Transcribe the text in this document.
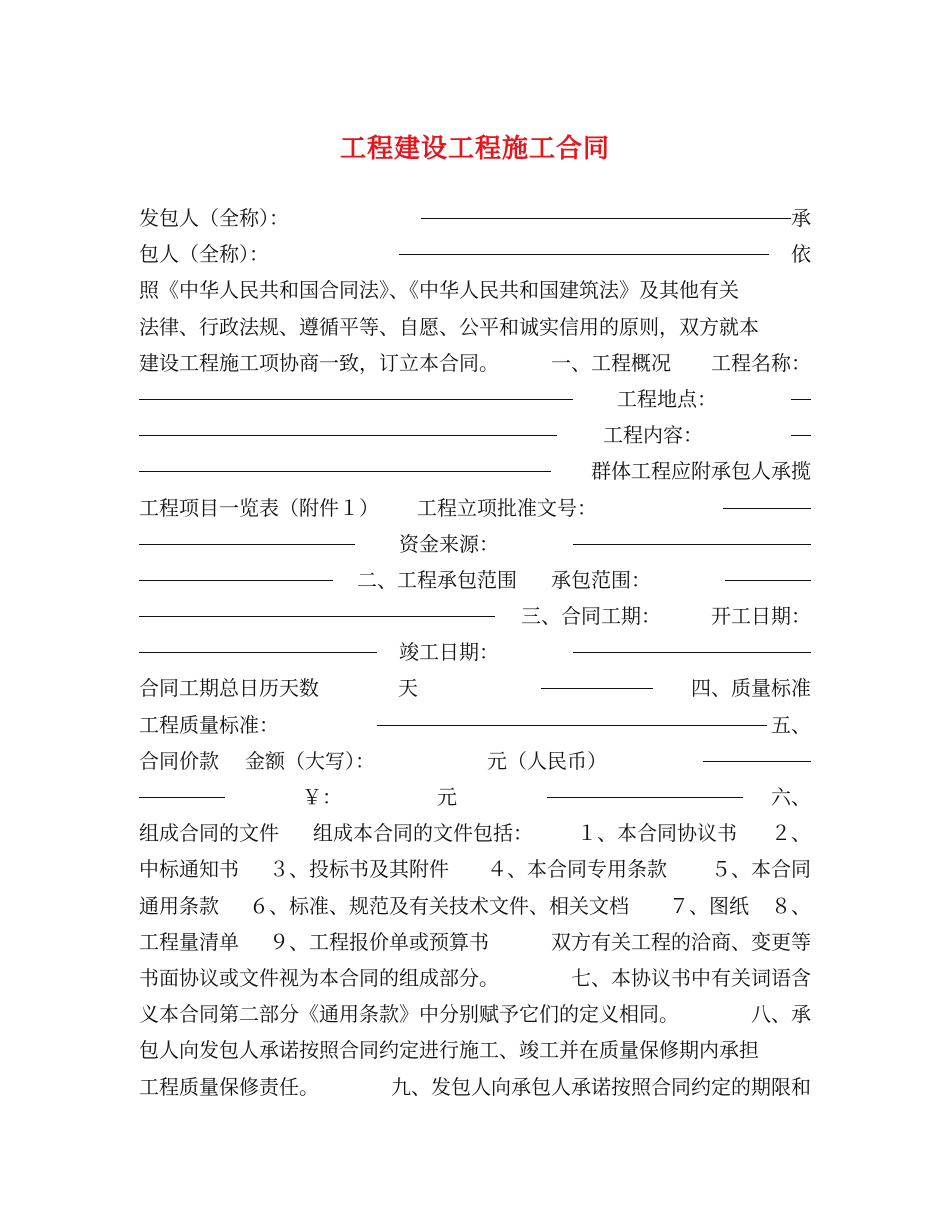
工程建设工程施工合同
发包人（全称）：	承
包人（全称）：	依
照《中华人民共和国合同法》、《中华人民共和国建筑法》及其他有关
法律、行政法规、遵循平等、自愿、公平和诚实信用的原则，双方就本
建设工程施工项协商一致，订立本合同。	一、工程概况 工程名称：
工程地点：
工程内容：
群体工程应附承包人承揽
工程项目一览表（附件１） 工程立项批准文号：
资金来源：
二、工程承包范围 承包范围：
三、合同工期：	开工日期：
竣工日期：
合同工期总日历天数	天	四、质量标准
工程质量标准：	五、
合同价款 金额（大写）：	元（人民币）
￥：	元	六、
组成合同的文件 组成本合同的文件包括： １、本合同协议书 ２、
中标通知书 ３、投标书及其附件 ４、本合同专用条款 ５、本合同
通用条款 ６、标准、规范及有关技术文件、相关文档 ７、图纸 ８、
工程量清单 ９、工程报价单或预算书	双方有关工程的洽商、变更等
书面协议或文件视为本合同的组成部分。	七、本协议书中有关词语含
义本合同第二部分《通用条款》中分别赋予它们的定义相同。	八、承
包人向发包人承诺按照合同约定进行施工、竣工并在质量保修期内承担
工程质量保修责任。	九、发包人向承包人承诺按照合同约定的期限和
